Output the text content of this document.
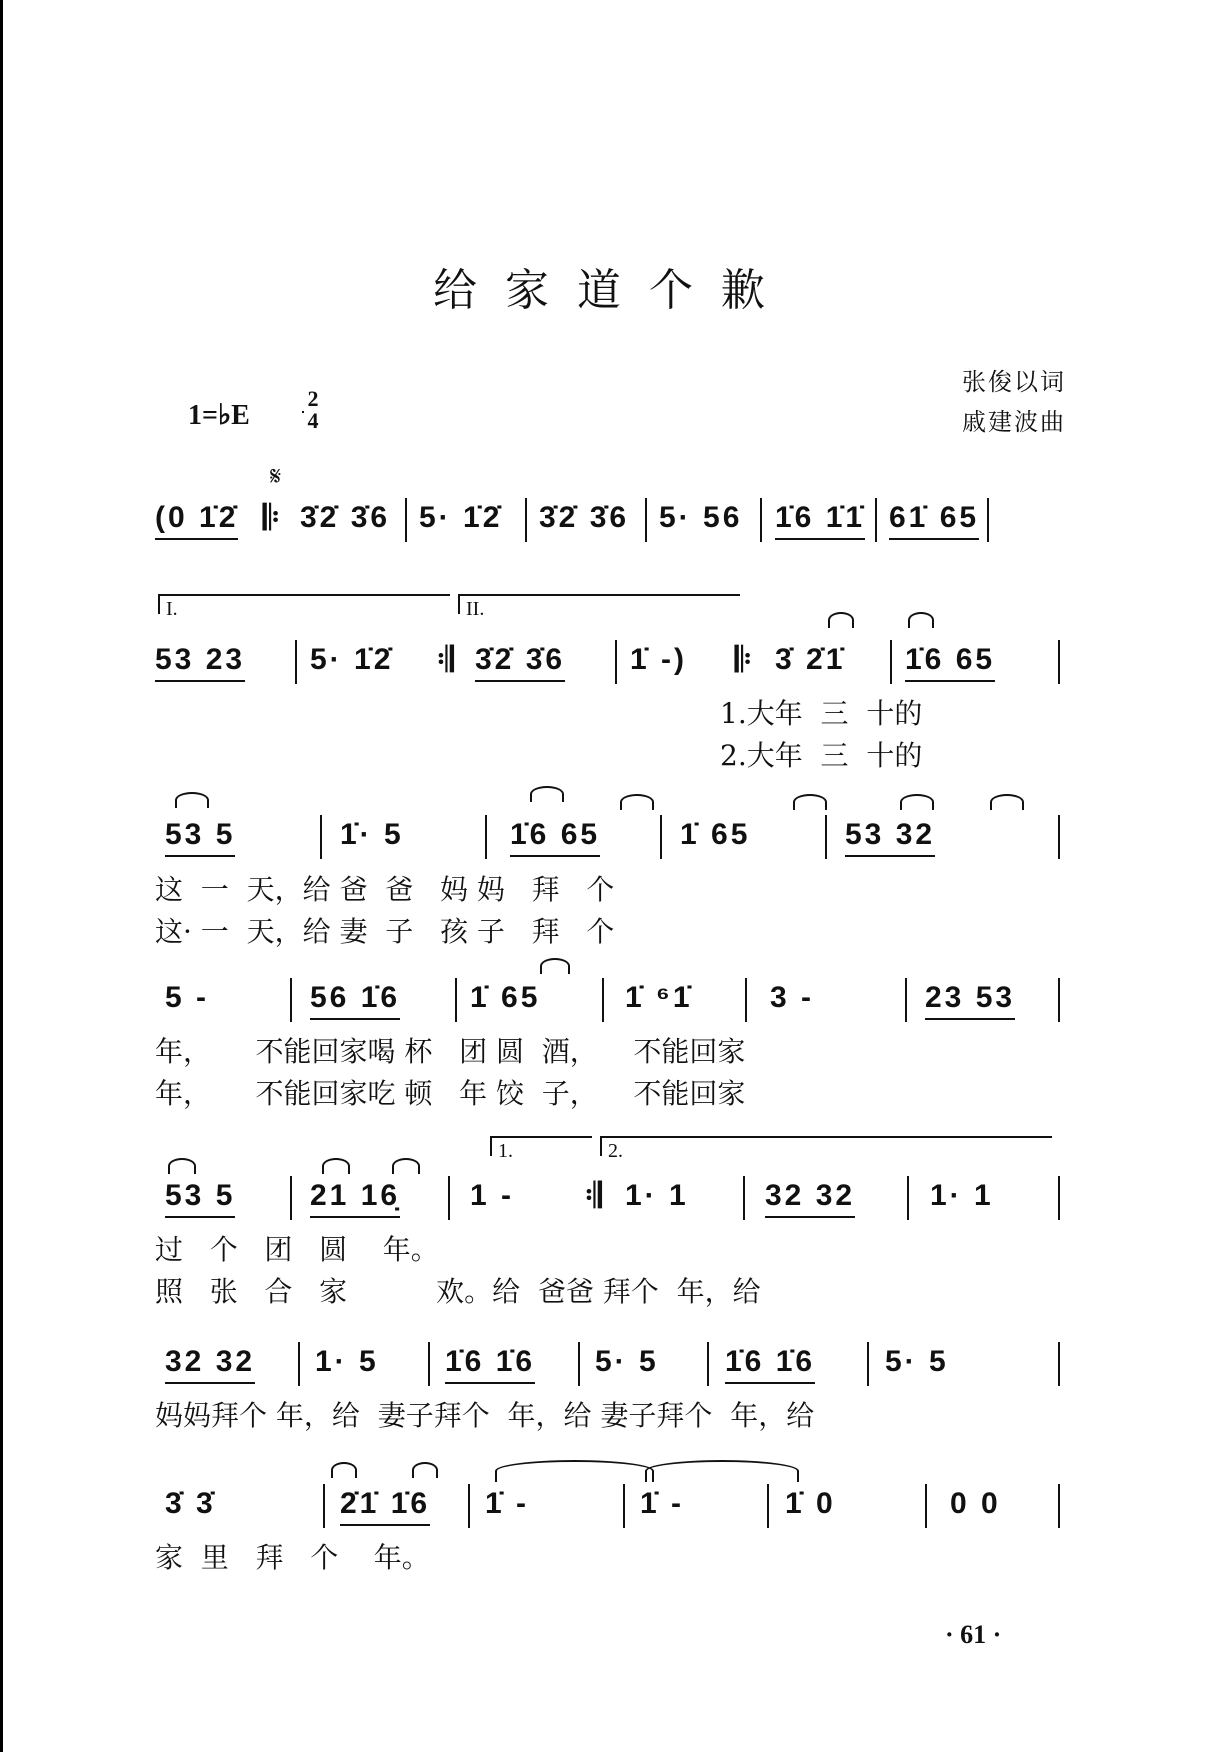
给家道个歉
1=♭E
2
4
张俊以词
戚建波曲
𝄋
(0 1̇2̇ 𝄆 3̇2̇ 3̇6 5· 1̇2̇ 3̇2̇ 3̇6 5· 56 1̇6 1̇1̇ 61̇ 65
I.	II.
53 23 5· 1̇2̇ 𝄇 3̇2̇ 3̇6 1̇ -) 𝄆 3̇ 2̇1̇ 1̇6 65
1.大年  三  十的
2.大年  三  十的
53 5	1̇· 5	1̇6 65	1̇ 65	53 32
这  一  天，给 爸  爸   妈 妈   拜   个
这· 一  天，给 妻  子   孩 子   拜   个
5 -	56 1̇6 1̇ 65	1̇ ⁶1̇	3 -	23 53
年，     不能回家喝 杯   团 圆  酒，    不能回家
年，     不能回家吃 顿   年 饺  子，    不能回家
1.	2.
53 5 21 16̣ 1 - 𝄇 1· 1	32 32 1· 1
过   个   团   圆    年。
照   张   合   家          欢。给  爸爸 拜个  年，给
32 32 1· 5 1̇6 1̇6 5· 5 1̇6 1̇6 5· 5
妈妈拜个 年，给  妻子拜个  年，给 妻子拜个  年，给
3̇ 3̇	2̇1̇ 1̇6 1̇ -	1̇ -	1̇ 0	0 0
家  里   拜   个    年。
· 61 ·
